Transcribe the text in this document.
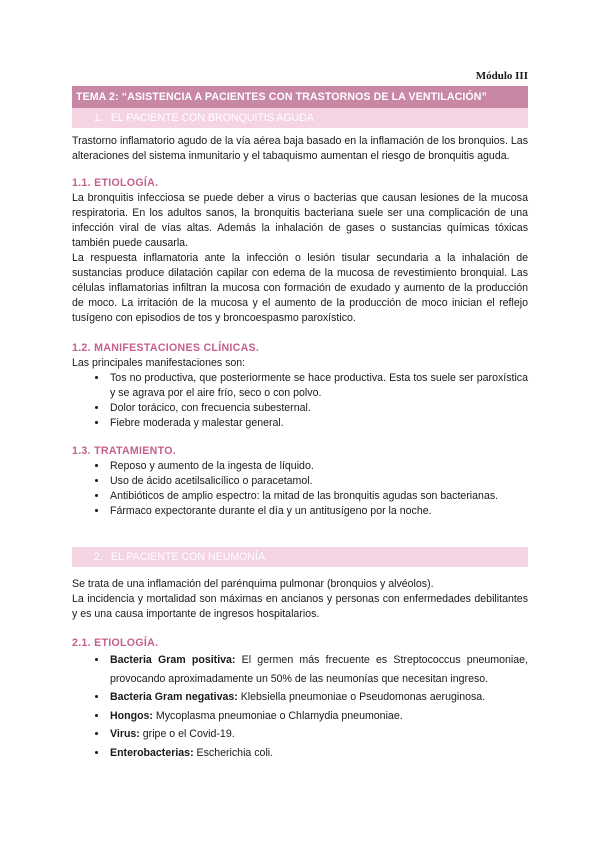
Módulo III
TEMA 2: “ASISTENCIA A PACIENTES CON TRASTORNOS DE LA VENTILACIÓN”
1. EL PACIENTE CON BRONQUITIS AGUDA

Trastorno inflamatorio agudo de la vía aérea baja basado en la inflamación de los bronquios. Las alteraciones del sistema inmunitario y el tabaquismo aumentan el riesgo de bronquitis aguda.

1.1. ETIOLOGÍA.

La bronquitis infecciosa se puede deber a virus o bacterias que causan lesiones de la mucosa respiratoria. En los adultos sanos, la bronquitis bacteriana suele ser una complicación de una infección viral de vías altas. Además la inhalación de gases o sustancias químicas tóxicas también puede causarla.

La respuesta inflamatoria ante la infección o lesión tisular secundaria a la inhalación de sustancias produce dilatación capilar con edema de la mucosa de revestimiento bronquial. Las células inflamatorias infiltran la mucosa con formación de exudado y aumento de la producción de moco. La irritación de la mucosa y el aumento de la producción de moco inician el reflejo tusígeno con episodios de tos y broncoespasmo paroxístico.

1.2. MANIFESTACIONES CLÍNICAS.

Las principales manifestaciones son:

• Tos no productiva, que posteriormente se hace productiva. Esta tos suele ser paroxística y se agrava por el aire frío, seco o con polvo.
• Dolor torácico, con frecuencia subesternal.
• Fiebre moderada y malestar general.
1.3. TRATAMIENTO.
• Reposo y aumento de la ingesta de líquido.
• Uso de ácido acetilsalicílico o paracetamol.
• Antibióticos de amplio espectro: la mitad de las bronquitis agudas son bacterianas.
• Fármaco expectorante durante el día y un antitusígeno por la noche.
2. EL PACIENTE CON NEUMONÍA

Se trata de una inflamación del parénquima pulmonar (bronquios y alvéolos).

La incidencia y mortalidad son máximas en ancianos y personas con enfermedades debilitantes y es una causa importante de ingresos hospitalarios.

2.1. ETIOLOGÍA.
• Bacteria Gram positiva: El germen más frecuente es Streptococcus pneumoniae, provocando aproximadamente un 50% de las neumonías que necesitan ingreso.
• Bacteria Gram negativas: Klebsiella pneumoniae o Pseudomonas aeruginosa.
• Hongos: Mycoplasma pneumoniae o Chlamydia pneumoniae.
• Virus: gripe o el Covid-19.
• Enterobacterias: Escherichia coli.
